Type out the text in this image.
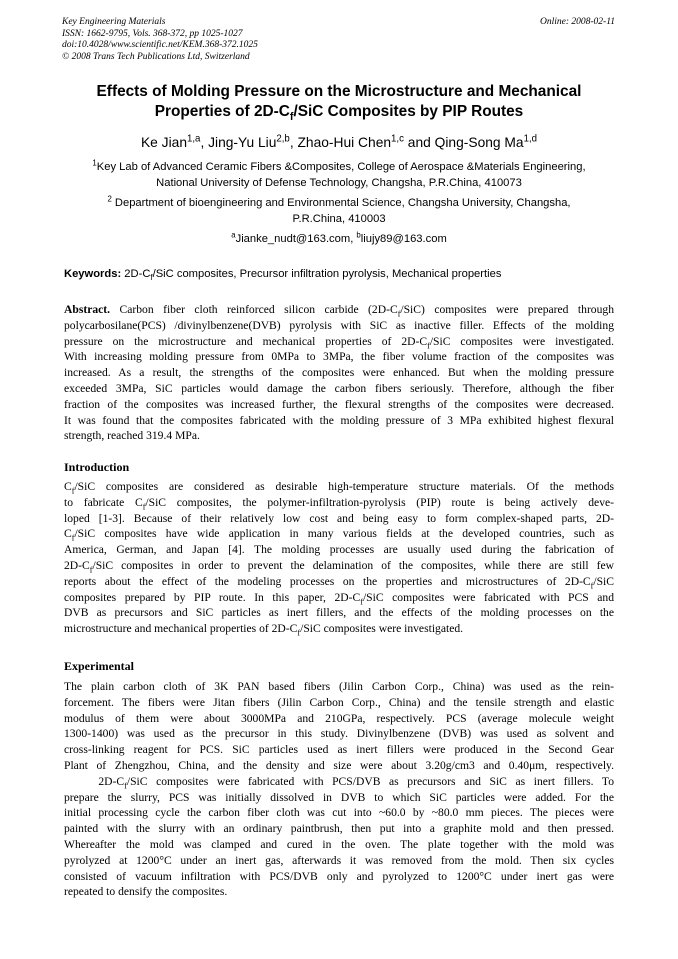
Key Engineering Materials
ISSN: 1662-9795, Vols. 368-372, pp 1025-1027
doi:10.4028/www.scientific.net/KEM.368-372.1025
© 2008 Trans Tech Publications Ltd, Switzerland
Online: 2008-02-11
Effects of Molding Pressure on the Microstructure and Mechanical
Properties of $2D-C_f$/SiC Composites by PIP Routes
Ke Jian$^{1,a}$, Jing-Yu Liu$^{2,b}$, Zhao-Hui Chen$^{1,c}$ and Qing-Song Ma$^{1,d}$
$^1$Key Lab of Advanced Ceramic Fibers &Composites, College of Aerospace &Materials Engineering,
National University of Defense Technology, Changsha, P.R.China, 410073
$^2$ Department of bioengineering and Environmental Science, Changsha University, Changsha,
P.R.China, 410003
$^a$Jianke_nudt@163.com, $^b$liujy89@163.com
Keywords: $2D-C_f$/SiC composites, Precursor infiltration pyrolysis, Mechanical properties
Abstract. Carbon fiber cloth reinforced silicon carbide $(2D-C_f/SiC)$ composites were prepared through
polycarbosilane(PCS) /divinylbenzene(DVB) pyrolysis with SiC as inactive filler. Effects of the molding
pressure on the microstructure and mechanical properties of $2D-C_f$/SiC composites were investigated.
With increasing molding pressure from 0MPa to 3MPa, the fiber volume fraction of the composites was
increased. As a result, the strengths of the composites were enhanced. But when the molding pressure
exceeded 3MPa, SiC particles would damage the carbon fibers seriously. Therefore, although the fiber
fraction of the composites was increased further, the flexural strengths of the composites were decreased.
It was found that the composites fabricated with the molding pressure of 3 MPa exhibited highest flexural
strength, reached 319.4 MPa.
Introduction
$C_f$/SiC composites are considered as desirable high-temperature structure materials. Of the methods
to fabricate $C_f$/SiC composites, the polymer-infiltration-pyrolysis (PIP) route is being actively deve-
loped [1-3]. Because of their relatively low cost and being easy to form complex-shaped parts, 2D-
$C_f$/SiC composites have wide application in many various fields at the developed countries, such as
America, German, and Japan [4]. The molding processes are usually used during the fabrication of
$2D-C_f$/SiC composites in order to prevent the delamination of the composites, while there are still few
reports about the effect of the modeling processes on the properties and microstructures of $2D-C_f$/SiC
composites prepared by PIP route. In this paper, $2D-C_f$/SiC composites were fabricated with PCS and
DVB as precursors and SiC particles as inert fillers, and the effects of the molding processes on the
microstructure and mechanical properties of $2D-C_f$/SiC composites were investigated.
Experimental
The plain carbon cloth of 3K PAN based fibers (Jilin Carbon Corp., China) was used as the rein-
forcement. The fibers were Jitan fibers (Jilin Carbon Corp., China) and the tensile strength and elastic
modulus of them were about 3000MPa and 210GPa, respectively. PCS (average molecule weight
1300-1400) was used as the precursor in this study. Divinylbenzene (DVB) was used as solvent and
cross-linking reagent for PCS. SiC particles used as inert fillers were produced in the Second Gear
Plant of Zhengzhou, China, and the density and size were about 3.20g/cm3 and 0.40μm, respectively.
$2D-C_f$/SiC composites were fabricated with PCS/DVB as precursors and SiC as inert fillers. To
prepare the slurry, PCS was initially dissolved in DVB to which SiC particles were added. For the
initial processing cycle the carbon fiber cloth was cut into ~60.0 by ~80.0 mm pieces. The pieces were
painted with the slurry with an ordinary paintbrush, then put into a graphite mold and then pressed.
Whereafter the mold was clamped and cured in the oven. The plate together with the mold was
pyrolyzed at 1200°C under an inert gas, afterwards it was removed from the mold. Then six cycles
consisted of vacuum infiltration with PCS/DVB only and pyrolyzed to 1200°C under inert gas were
repeated to densify the composites.
